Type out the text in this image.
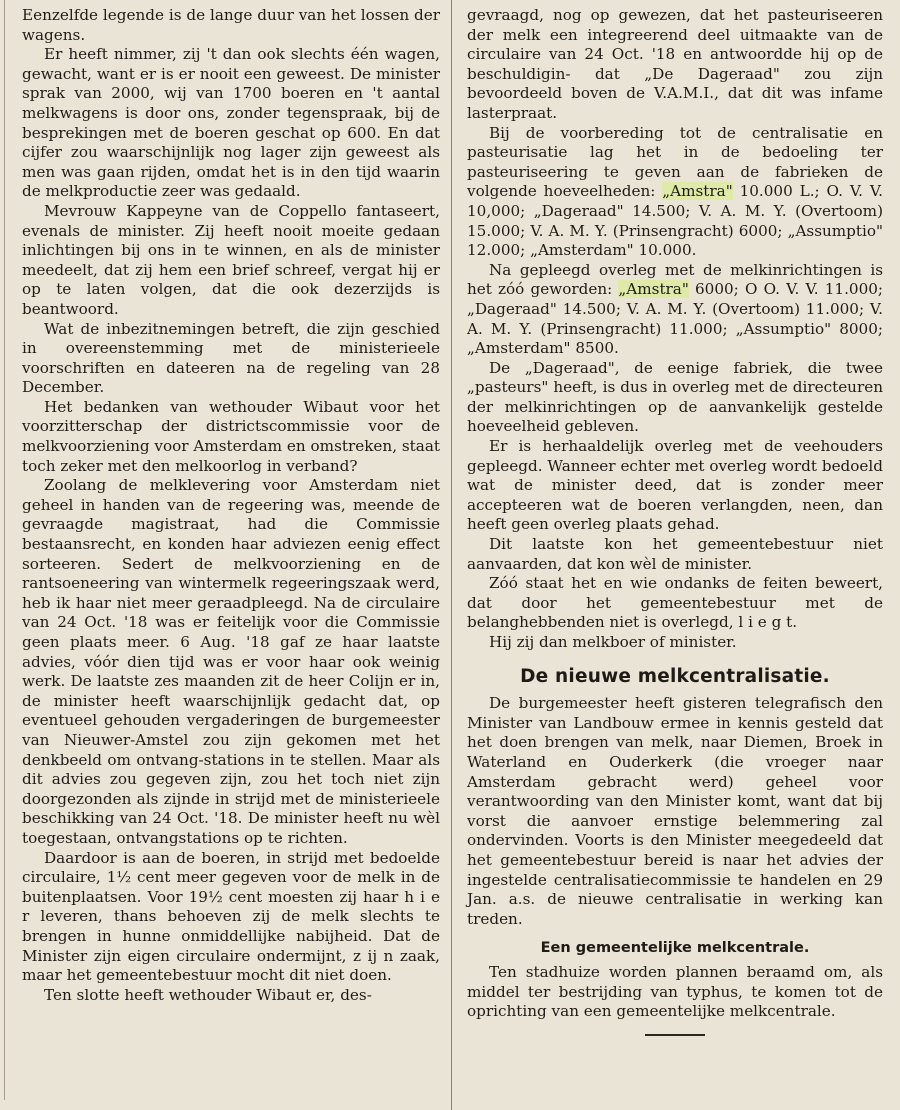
Eenzelfde legende is de lange duur van het lossen der wagens.

Er heeft nimmer, zij 't dan ook slechts één wagen, gewacht, want er is er nooit een geweest. De minister sprak van 2000, wij van 1700 boeren en 't aantal melkwagens is door ons, zonder tegenspraak, bij de besprekingen met de boeren geschat op 600. En dat cijfer zou waarschijnlijk nog lager zijn geweest als men was gaan rijden, omdat het is in den tijd waarin de melkproductie zeer was gedaald.

Mevrouw Kappeyne van de Coppello fantaseert, evenals de minister. Zij heeft nooit moeite gedaan inlichtingen bij ons in te winnen, en als de minister meedeelt, dat zij hem een brief schreef, vergat hij er op te laten volgen, dat die ook dezerzijds is beantwoord.

Wat de inbezitnemingen betreft, die zijn geschied in overeenstemming met de ministerieele voorschriften en dateeren na de regeling van 28 December.

Het bedanken van wethouder Wibaut voor het voorzitterschap der districtscommissie voor de melkvoorziening voor Amsterdam en omstreken, staat toch zeker met den melkoorlog in verband?

Zoolang de melklevering voor Amsterdam niet geheel in handen van de regeering was, meende de gevraagde magistraat, had die Commissie bestaansrecht, en konden haar adviezen eenig effect sorteeren. Sedert de melkvoorziening en de rantsoeneering van wintermelk regeeringszaak werd, heb ik haar niet meer geraadpleegd. Na de circulaire van 24 Oct. '18 was er feitelijk voor die Commissie geen plaats meer. 6 Aug. '18 gaf ze haar laatste advies, vóór dien tijd was er voor haar ook weinig werk. De laatste zes maanden zit de heer Colijn er in, de minister heeft waarschijnlijk gedacht dat, op eventueel gehouden vergaderingen de burgemeester van Nieuwer-Amstel zou zijn gekomen met het denkbeeld om ontvang-stations in te stellen. Maar als dit advies zou gegeven zijn, zou het toch niet zijn doorgezonden als zijnde in strijd met de ministerieele beschikking van 24 Oct. '18. De minister heeft nu wèl toegestaan, ontvangstations op te richten.

Daardoor is aan de boeren, in strijd met bedoelde circulaire, 1½ cent meer gegeven voor de melk in de buitenplaatsen. Voor 19½ cent moesten zij haar h i e r leveren, thans behoeven zij de melk slechts te brengen in hunne onmiddellijke nabijheid. Dat de Minister zijn eigen circulaire ondermijnt, z ij n zaak, maar het gemeentebestuur mocht dit niet doen.

Ten slotte heeft wethouder Wibaut er, des-

gevraagd, nog op gewezen, dat het pasteuriseeren der melk een integreerend deel uitmaakte van de circulaire van 24 Oct. '18 en antwoordde hij op de beschuldigin- dat „De Dageraad" zou zijn bevoordeeld boven de V.A.M.I., dat dit was infame lasterpraat.

Bij de voorbereding tot de centralisatie en pasteurisatie lag het in de bedoeling ter pasteuriseering te geven aan de fabrieken de volgende hoeveelheden: „Amstra" 10.000 L.; O. V. V. 10,000; „Dageraad" 14.500; V. A. M. Y. (Overtoom) 15.000; V. A. M. Y. (Prinsengracht) 6000; „Assumptio" 12.000; „Amsterdam" 10.000.

Na gepleegd overleg met de melkinrichtingen is het zóó geworden: „Amstra" 6000; O O. V. V. 11.000; „Dageraad" 14.500; V. A. M. Y. (Overtoom) 11.000; V. A. M. Y. (Prinsengracht) 11.000; „Assumptio" 8000; „Amsterdam" 8500.

De „Dageraad", de eenige fabriek, die twee „pasteurs" heeft, is dus in overleg met de directeuren der melkinrichtingen op de aanvankelijk gestelde hoeveelheid gebleven.

Er is herhaaldelijk overleg met de veehouders gepleegd. Wanneer echter met overleg wordt bedoeld wat de minister deed, dat is zonder meer accepteeren wat de boeren verlangden, neen, dan heeft geen overleg plaats gehad.

Dit laatste kon het gemeentebestuur niet aanvaarden, dat kon wèl de minister.

Zóó staat het en wie ondanks de feiten beweert, dat door het gemeentebestuur met de belanghebbenden niet is overlegd, l i e g t.

Hij zij dan melkboer of minister.

De nieuwe melkcentralisatie.

De burgemeester heeft gisteren telegrafisch den Minister van Landbouw ermee in kennis gesteld dat het doen brengen van melk, naar Diemen, Broek in Waterland en Ouderkerk (die vroeger naar Amsterdam gebracht werd) geheel voor verantwoording van den Minister komt, want dat bij vorst die aanvoer ernstige belemmering zal ondervinden. Voorts is den Minister meegedeeld dat het gemeentebestuur bereid is naar het advies der ingestelde centralisatiecommissie te handelen en 29 Jan. a.s. de nieuwe centralisatie in werking kan treden.

Een gemeentelijke melkcentrale.

Ten stadhuize worden plannen beraamd om, als middel ter bestrijding van typhus, te komen tot de oprichting van een gemeentelijke melkcentrale.
